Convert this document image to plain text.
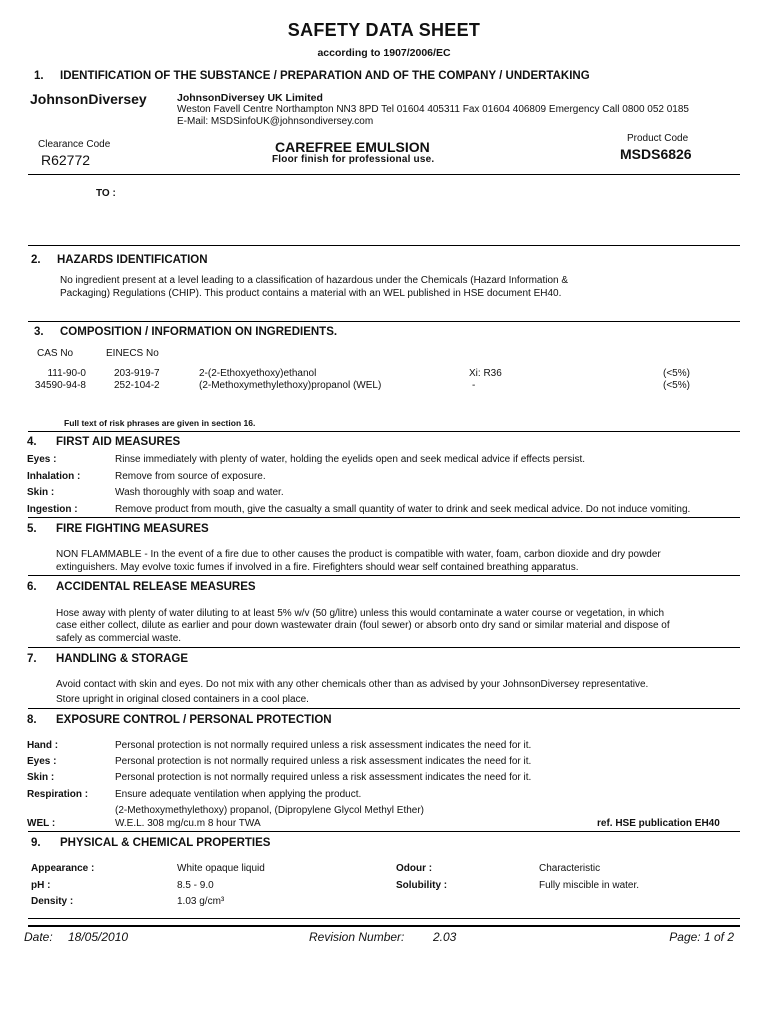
SAFETY DATA SHEET
according to 1907/2006/EC
1. IDENTIFICATION OF THE SUBSTANCE / PREPARATION AND OF THE COMPANY / UNDERTAKING
JohnsonDiversey	JohnsonDiversey UK Limited
Weston Favell Centre Northampton NN3 8PD Tel 01604 405311 Fax 01604 406809 Emergency Call 0800 052 0185
E-Mail: MSDSinfoUK@johnsondiversey.com
Clearance Code
R62772
CAREFREE EMULSION
Floor finish for professional use.
Product Code
MSDS6826
TO :
2. HAZARDS IDENTIFICATION
No ingredient present at a level leading to a classification of hazardous under the Chemicals (Hazard Information &
Packaging) Regulations (CHIP). This product contains a material with an WEL published in HSE document EH40.
3. COMPOSITION / INFORMATION ON INGREDIENTS.
CAS No	EINECS No
111-90-0	203-919-7	2-(2-Ethoxyethoxy)ethanol	Xi: R36	(<5%)
34590-94-8	252-104-2	(2-Methoxymethylethoxy)propanol (WEL)	-	(<5%)
Full text of risk phrases are given in section 16.
4. FIRST AID MEASURES
Eyes :	Rinse immediately with plenty of water, holding the eyelids open and seek medical advice if effects persist.
Inhalation :	Remove from source of exposure.
Skin :	Wash thoroughly with soap and water.
Ingestion :	Remove product from mouth, give the casualty a small quantity of water to drink and seek medical advice. Do not induce vomiting.
5. FIRE FIGHTING MEASURES
NON FLAMMABLE - In the event of a fire due to other causes the product is compatible with water, foam, carbon dioxide and dry powder
extinguishers. May evolve toxic fumes if involved in a fire. Firefighters should wear self contained breathing apparatus.
6. ACCIDENTAL RELEASE MEASURES
Hose away with plenty of water diluting to at least 5% w/v (50 g/litre) unless this would contaminate a water course or vegetation, in which
case either collect, dilute as earlier and pour down wastewater drain (foul sewer) or absorb onto dry sand or similar material and dispose of
safely as commercial waste.
7. HANDLING & STORAGE
Avoid contact with skin and eyes. Do not mix with any other chemicals other than as advised by your JohnsonDiversey representative.
Store upright in original closed containers in a cool place.
8. EXPOSURE CONTROL / PERSONAL PROTECTION
Hand :	Personal protection is not normally required unless a risk assessment indicates the need for it.
Eyes :	Personal protection is not normally required unless a risk assessment indicates the need for it.
Skin :	Personal protection is not normally required unless a risk assessment indicates the need for it.
Respiration :	Ensure adequate ventilation when applying the product.
(2-Methoxymethylethoxy) propanol, (Dipropylene Glycol Methyl Ether)
WEL :	W.E.L. 308 mg/cu.m 8 hour TWA	ref. HSE publication EH40
9. PHYSICAL & CHEMICAL PROPERTIES
Appearance :	White opaque liquid	Odour :	Characteristic
pH :	8.5 - 9.0	Solubility :	Fully miscible in water.
Density :	1.03 g/cm³
Date: 18/05/2010	Revision Number: 2.03	Page: 1 of 2
